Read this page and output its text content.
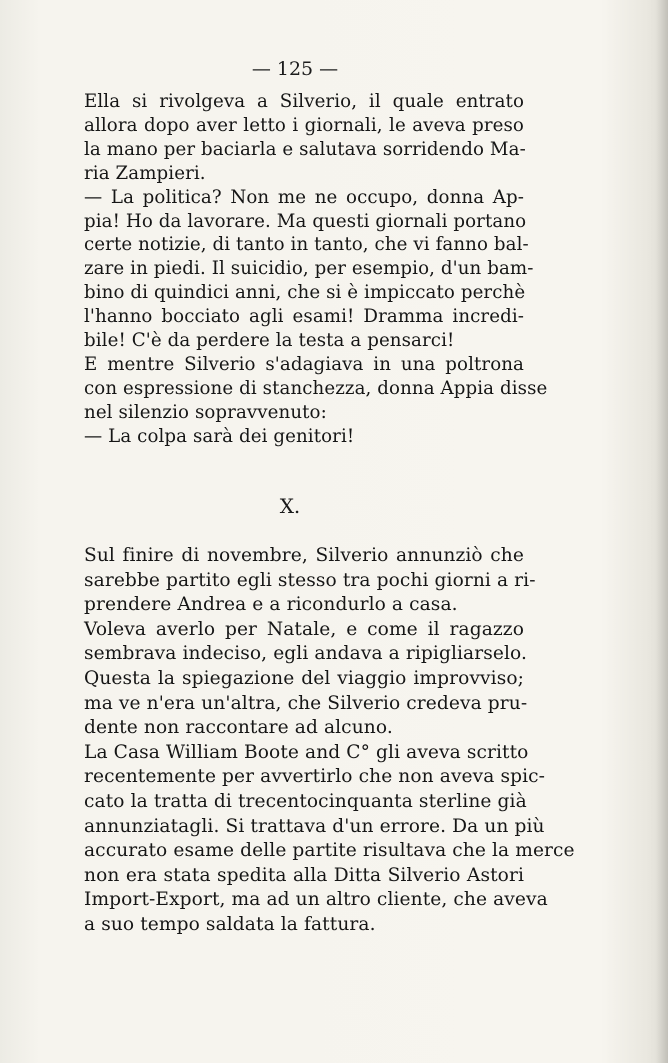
— 125 —

Ella si rivolgeva a Silverio, il quale entrato
allora dopo aver letto i giornali, le aveva preso
la mano per baciarla e salutava sorridendo Ma-
ria Zampieri.

— La politica? Non me ne occupo, donna Ap-
pia! Ho da lavorare. Ma questi giornali portano
certe notizie, di tanto in tanto, che vi fanno bal-
zare in piedi. Il suicidio, per esempio, d'un bam-
bino di quindici anni, che si è impiccato perchè
l'hanno bocciato agli esami! Dramma incredi-
bile! C'è da perdere la testa a pensarci!

E mentre Silverio s'adagiava in una poltrona
con espressione di stanchezza, donna Appia disse
nel silenzio sopravvenuto:

— La colpa sarà dei genitori!

X.

Sul finire di novembre, Silverio annunziò che
sarebbe partito egli stesso tra pochi giorni a ri-
prendere Andrea e a ricondurlo a casa.

Voleva averlo per Natale, e come il ragazzo
sembrava indeciso, egli andava a ripigliarselo.
Questa la spiegazione del viaggio improvviso;
ma ve n'era un'altra, che Silverio credeva pru-
dente non raccontare ad alcuno.

La Casa William Boote and C° gli aveva scritto
recentemente per avvertirlo che non aveva spic-
cato la tratta di trecentocinquanta sterline già
annunziatagli. Si trattava d'un errore. Da un più
accurato esame delle partite risultava che la merce
non era stata spedita alla Ditta Silverio Astori
Import-Export, ma ad un altro cliente, che aveva
a suo tempo saldata la fattura.
